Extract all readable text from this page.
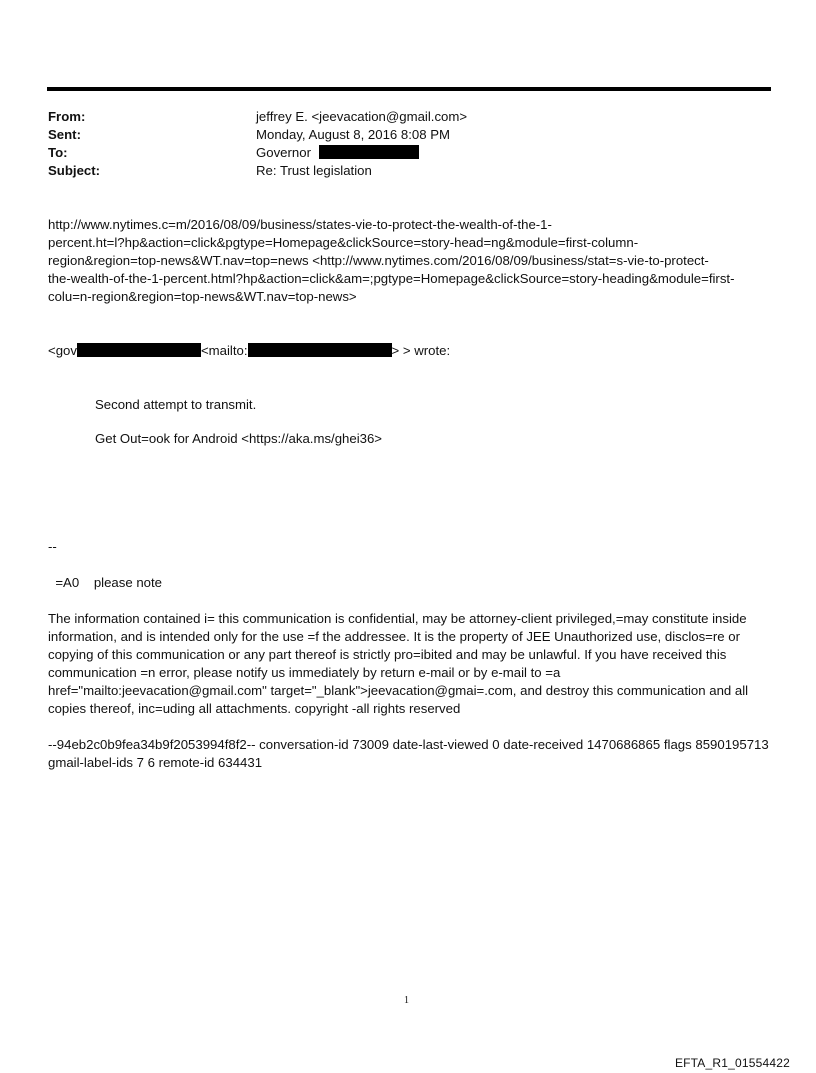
From:	jeffrey E. <jeevacation@gmail.com>
Sent:	Monday, August 8, 2016 8:08 PM
To:	Governor
Subject:	Re: Trust legislation
http://www.nytimes.c=m/2016/08/09/business/states-vie-to-protect-the-wealth-of-the-1-
percent.ht=l?hp&action=click&pgtype=Homepage&clickSource=story-head=ng&module=first-column-
region&region=top-news&WT.nav=top=news <http://www.nytimes.com/2016/08/09/business/stat=s-vie-to-protect-
the-wealth-of-the-1-percent.html?hp&action=click&am=;pgtype=Homepage&clickSource=story-heading&module=first-
colu=n-region&region=top-news&WT.nav=top-news>
<gov	<mailto:	> > wrote:
Second attempt to transmit.
Get Out=ook for Android <https://aka.ms/ghei36>
--
=A0    please note
The information contained i= this communication is confidential, may be attorney-client privileged,=may constitute inside information, and is intended only for the use =f the addressee. It is the property of JEE Unauthorized use, disclos=re or copying of this communication or any part thereof is strictly pro=ibited and may be unlawful. If you have received this communication =n error, please notify us immediately by return e-mail or by e-mail to =a href="mailto:jeevacation@gmail.com" target="_blank">jeevacation@gmai=.com, and destroy this communication and all copies thereof, inc=uding all attachments. copyright -all rights reserved
--94eb2c0b9fea34b9f2053994f8f2-- conversation-id 73009 date-last-viewed 0 date-received 1470686865 flags 8590195713 gmail-label-ids 7 6 remote-id 634431
1
EFTA_R1_01554422
